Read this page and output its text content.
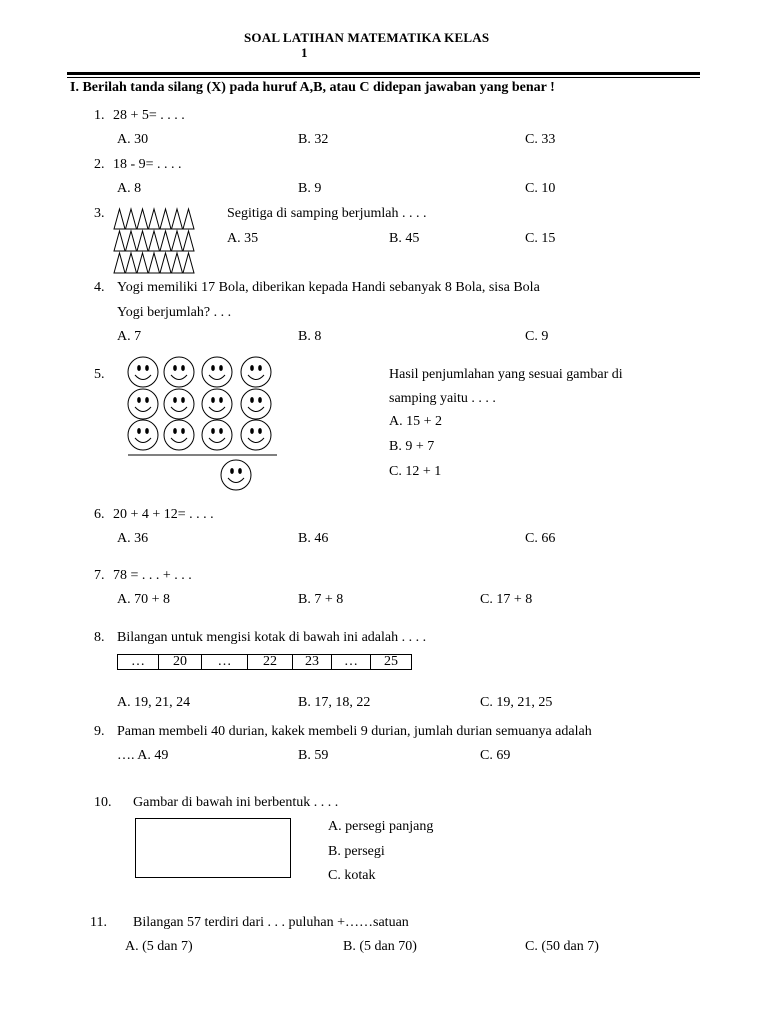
SOAL LATIHAN MATEMATIKA KELAS
1
I. Berilah tanda silang (X) pada huruf A,B, atau C didepan jawaban yang benar !
1. 28 + 5= . . . .
A. 30	B. 32	C. 33
2. 18 - 9= . . . .
A. 8	B. 9	C. 10
3.	Segitiga di samping berjumlah . . . .
A. 35	B. 45	C. 15
4. Yogi memiliki 17 Bola, diberikan kepada Handi sebanyak 8 Bola, sisa Bola
Yogi berjumlah? . . .
A. 7	B. 8	C. 9
5.	Hasil penjumlahan yang sesuai gambar di
samping yaitu . . . .
A. 15 + 2
B. 9 + 7
C. 12 + 1
6. 20 + 4 + 12= . . . .
A. 36	B. 46	C. 66
7. 78 = . . . + . . .
A. 70 + 8	B. 7 + 8	C. 17 + 8
8. Bilangan untuk mengisi kotak di bawah ini adalah . . . .
…	20	…	22	23	…	25
A. 19, 21, 24	B. 17, 18, 22	C. 19, 21, 25
9. Paman membeli 40 durian, kakek membeli 9 durian, jumlah durian semuanya adalah
…. A. 49	B. 59	C. 69
10. Gambar di bawah ini berbentuk . . . .
A. persegi panjang
B. persegi
C. kotak
11. Bilangan 57 terdiri dari . . . puluhan +……satuan
A. (5 dan 7)	B. (5 dan 70)	C. (50 dan 7)
